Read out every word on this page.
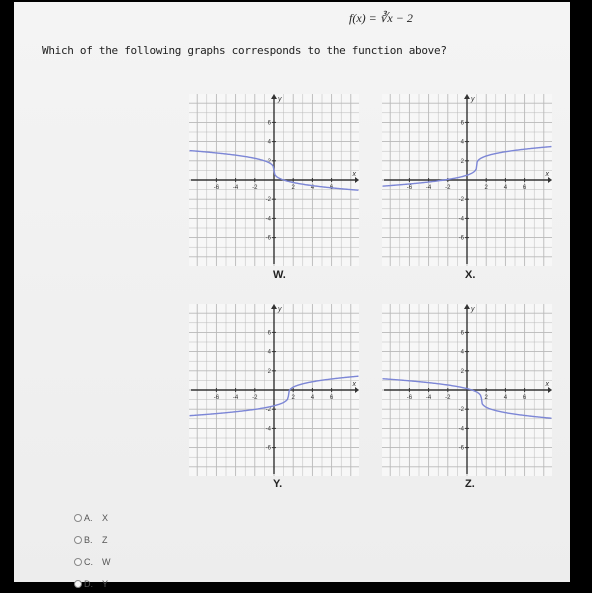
f(x) = ∛x − 2
Which of the following graphs corresponds to the function above?
x
y
-6 -4 -2	2	4	6
6
4
2
-2
-4
-6
W.
x
y
-6 -4 -2	2	4	6
6
4
2
-2
-4
-6
X.
x
y
-6 -4 -2	2	4	6
6
4
2
-2
-4
-6
Y.
x
y
-6 -4 -2	2	4	6
6
4
2
-2
-4
-6
Z.
A.	X
B.	Z
C.	W
D.	Y
